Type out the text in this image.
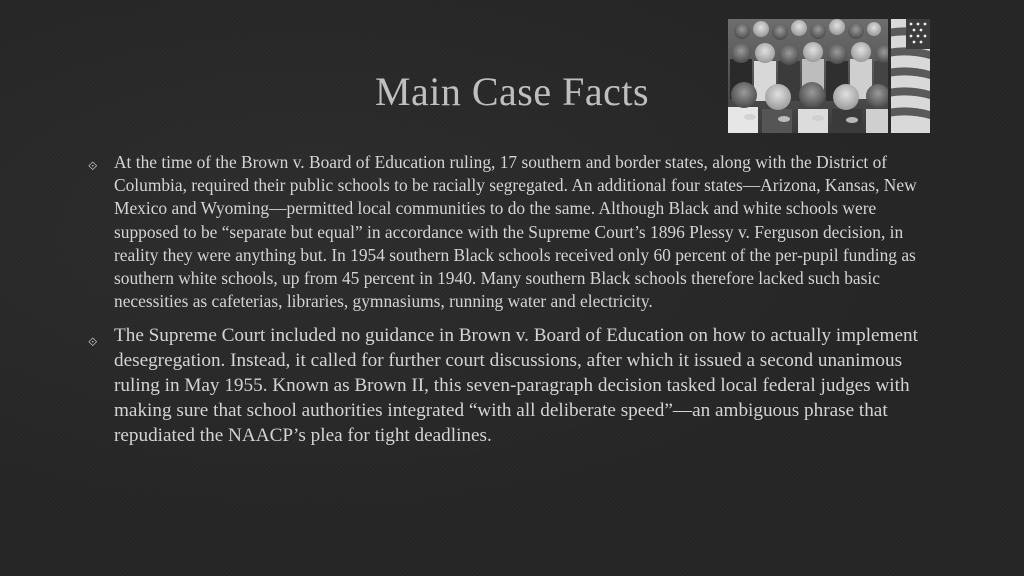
Main Case Facts
⟐ At the time of the Brown v. Board of Education ruling, 17 southern and border states, along with the District of Columbia, required their public schools to be racially segregated. An additional four states—Arizona, Kansas, New Mexico and Wyoming—permitted local communities to do the same. Although Black and white schools were supposed to be “separate but equal” in accordance with the Supreme Court’s 1896 Plessy v. Ferguson decision, in reality they were anything but. In 1954 southern Black schools received only 60 percent of the per-pupil funding as southern white schools, up from 45 percent in 1940. Many southern Black schools therefore lacked such basic necessities as cafeterias, libraries, gymnasiums, running water and electricity.
⟐ The Supreme Court included no guidance in Brown v. Board of Education on how to actually implement desegregation. Instead, it called for further court discussions, after which it issued a second unanimous ruling in May 1955. Known as Brown II, this seven-paragraph decision tasked local federal judges with making sure that school authorities integrated “with all deliberate speed”—an ambiguous phrase that repudiated the NAACP’s plea for tight deadlines.
